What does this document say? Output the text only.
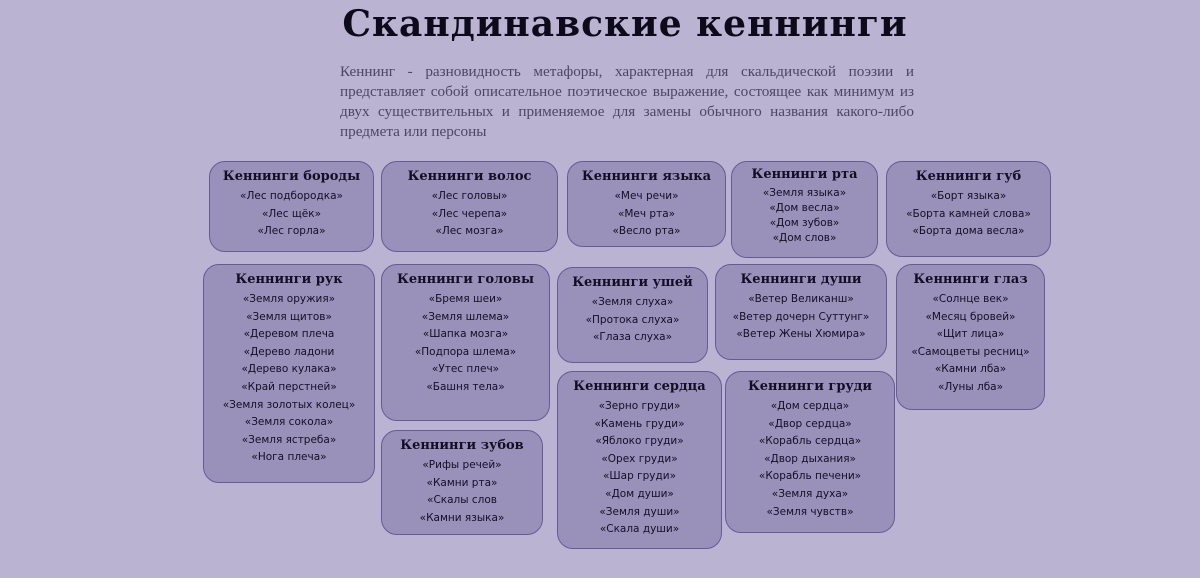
Скандинавские кеннинги
Кеннинг - разновидность метафоры, характерная для скальдической поэзии и представляет собой описательное поэтическое выражение, состоящее как минимум из двух существительных и применяемое для замены обычного названия какого-либо предмета или персоны
Кеннинги бороды
«Лес подбородка»
«Лес щёк»
«Лес горла»
Кеннинги волос
«Лес головы»
«Лес черепа»
«Лес мозга»
Кеннинги языка
«Меч речи»
«Меч рта»
«Весло рта»
Кеннинги рта
«Земля языка»
«Дом весла»
«Дом зубов»
«Дом слов»
Кеннинги губ
«Борт языка»
«Борта камней слова»
«Борта дома весла»
Кеннинги рук
«Земля оружия»
«Земля щитов»
«Деревом плеча
«Дерево ладони
«Дерево кулака»
«Край перстней»
«Земля золотых колец»
«Земля сокола»
«Земля ястреба»
«Нога плеча»
Кеннинги головы
«Бремя шеи»
«Земля шлема»
«Шапка мозга»
«Подпора шлема»
«Утес плеч»
«Башня тела»
Кеннинги ушей
«Земля слуха»
«Протока слуха»
«Глаза слуха»
Кеннинги души
«Ветер Великанш»
«Ветер дочерн Суттунг»
«Ветер Жены Хюмира»
Кеннинги глаз
«Солнце век»
«Месяц бровей»
«Щит лица»
«Самоцветы ресниц»
«Камни лба»
«Луны лба»
Кеннинги зубов
«Рифы речей»
«Камни рта»
«Скалы слов
«Камни языка»
Кеннинги сердца
«Зерно груди»
«Камень груди»
«Яблоко груди»
«Орех груди»
«Шар груди»
«Дом души»
«Земля души»
«Скала души»
Кеннинги груди
«Дом сердца»
«Двор сердца»
«Корабль сердца»
«Двор дыхания»
«Корабль печени»
«Земля духа»
«Земля чувств»
